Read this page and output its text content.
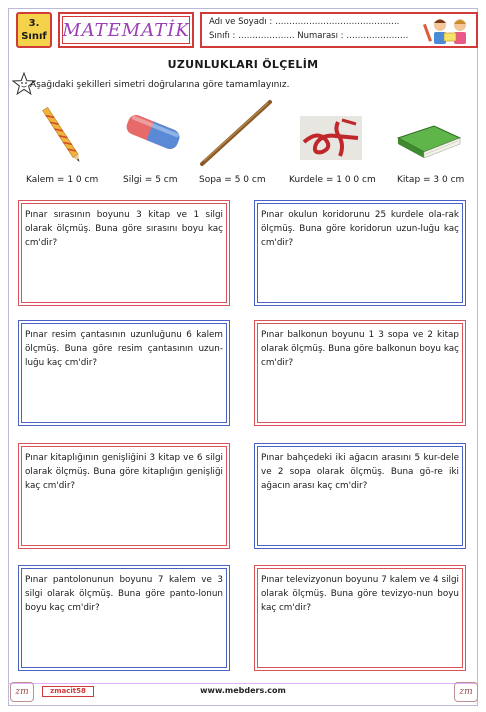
3.
Sınıf MATEMATİK Adı ve Soyadı : ……………………………………..
Sınıfı : ……………….. Numarası : ……………….…
UZUNLUKLARI ÖLÇELİM
Aşağıdaki şekilleri simetri doğrularına göre tamamlayınız.
Kalem = 1 0 cm	Silgi = 5 cm Sopa = 5 0 cm	Kurdele = 1 0 0 cm Kitap = 3 0 cm
Pınar sırasının boyunu 3 kitap ve 1 silgi olarak ölçmüş. Buna göre sırasını boyu kaç cm'dir?
Pınar okulun koridorunu 25 kurdele ola-rak ölçmüş. Buna göre koridorun uzun-luğu kaç cm'dir?
Pınar resim çantasının uzunluğunu 6 kalem ölçmüş. Buna göre resim çantasının uzun-luğu kaç cm'dir?
Pınar balkonun boyunu 1 3 sopa ve 2 kitap olarak ölçmüş. Buna göre balkonun boyu kaç cm'dir?
Pınar kitaplığının genişliğini 3 kitap ve 6 silgi olarak ölçmüş. Buna göre kitaplığın genişliği kaç cm'dir?
Pınar bahçedeki iki ağacın arasını 5 kur-dele ve 2 sopa olarak ölçmüş. Buna gö-re iki ağacın arası kaç cm'dir?
Pınar pantolonunun boyunu 7 kalem ve 3 silgi olarak ölçmüş. Buna göre panto-lonun boyu kaç cm'dir?
Pınar televizyonun boyunu 7 kalem ve 4 silgi olarak ölçmüş. Buna göre tevizyo-nun boyu kaç cm'dir?
zm	zmacit58	www.mebders.com	zm
